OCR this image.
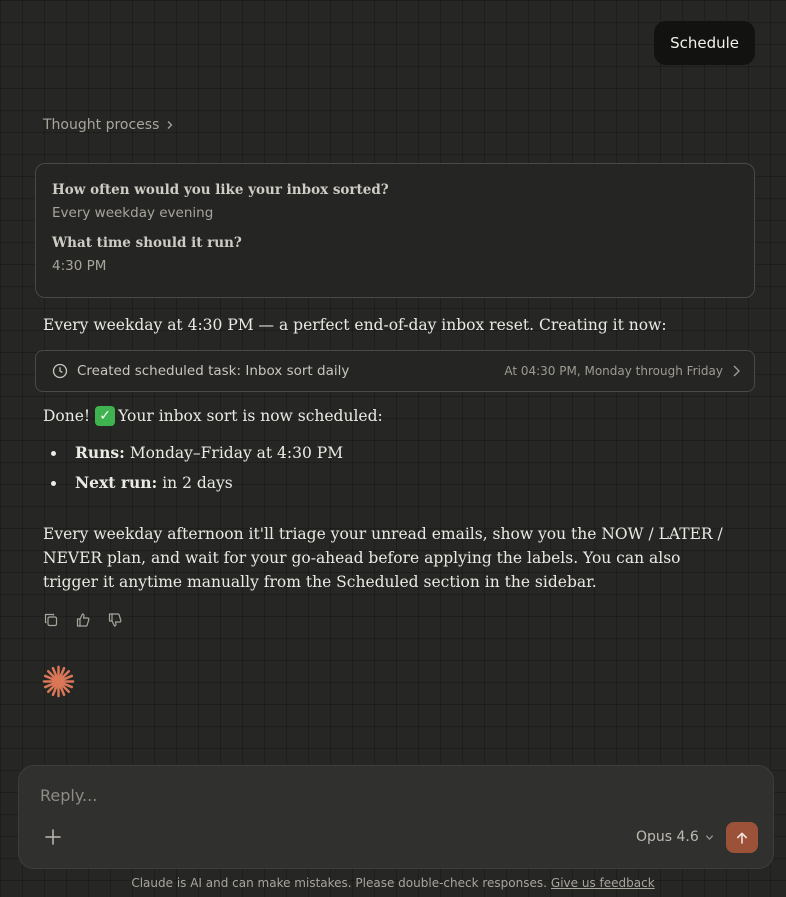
Schedule
Thought process
How often would you like your inbox sorted?
Every weekday evening
What time should it run?
4:30 PM
Every weekday at 4:30 PM — a perfect end-of-day inbox reset. Creating it now:
Created scheduled task: Inbox sort daily	At 04:30 PM, Monday through Friday
Done! ✓ Your inbox sort is now scheduled:
Runs: Monday–Friday at 4:30 PM
Next run: in 2 days
Every weekday afternoon it'll triage your unread emails, show you the NOW / LATER / NEVER plan, and wait for your go-ahead before applying the labels. You can also trigger it anytime manually from the Scheduled section in the sidebar.
Reply...
Opus 4.6
Claude is AI and can make mistakes. Please double-check responses. Give us feedback
